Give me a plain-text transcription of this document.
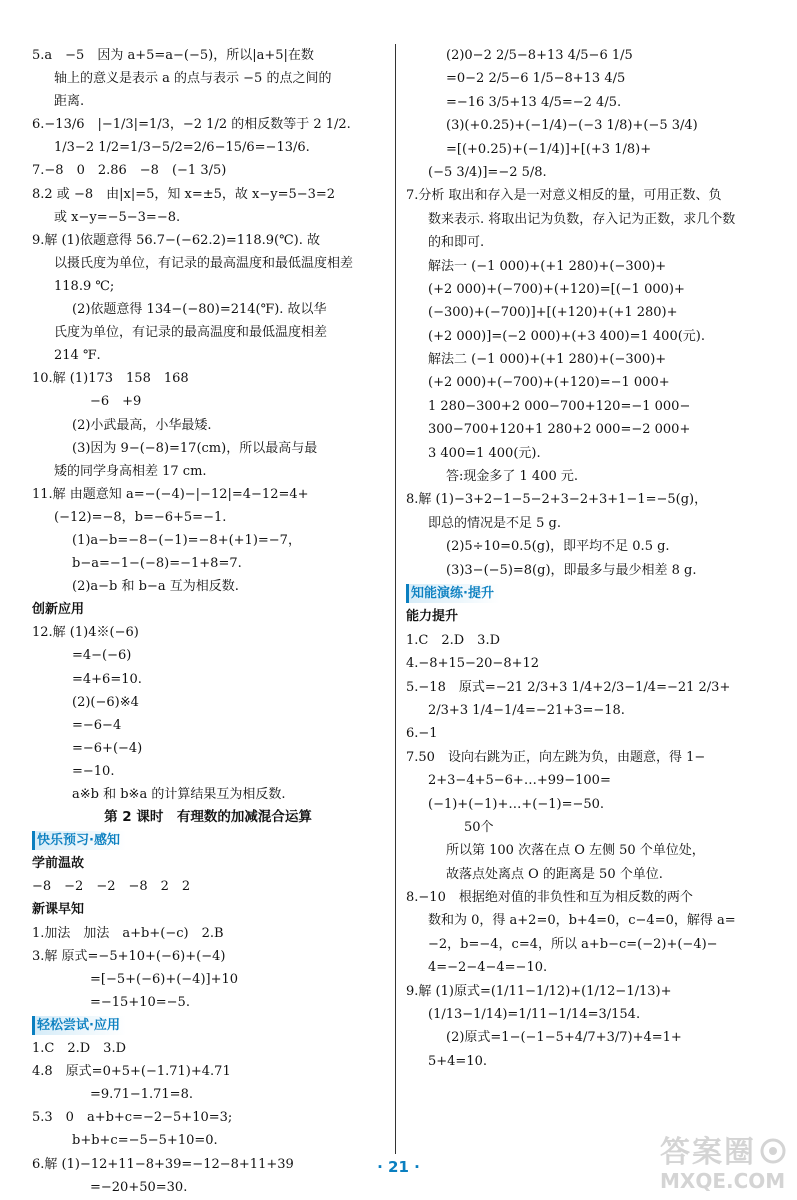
5.a　−5　因为 a+5=a−(−5)，所以|a+5|在数
轴上的意义是表示 a 的点与表示 −5 的点之间的
距离.
6.−13/6　|−1/3|=1/3，−2 1/2 的相反数等于 2 1/2.
1/3−2 1/2=1/3−5/2=2/6−15/6=−13/6.
7.−8　0　2.86　−8　(−1 3/5)
8.2 或 −8　由|x|=5，知 x=±5，故 x−y=5−3=2
或 x−y=−5−3=−8.
9.解 (1)依题意得 56.7−(−62.2)=118.9(℃). 故
以摄氏度为单位，有记录的最高温度和最低温度相差
118.9 ℃;
(2)依题意得 134−(−80)=214(℉). 故以华
氏度为单位，有记录的最高温度和最低温度相差
214 ℉.
10.解 (1)173　158　168
−6　+9
(2)小武最高，小华最矮.
(3)因为 9−(−8)=17(cm)，所以最高与最
矮的同学身高相差 17 cm.
11.解 由题意知 a=−(−4)−|−12|=4−12=4+
(−12)=−8，b=−6+5=−1.
(1)a−b=−8−(−1)=−8+(+1)=−7，
b−a=−1−(−8)=−1+8=7.
(2)a−b 和 b−a 互为相反数.
创新应用
12.解 (1)4※(−6)
=4−(−6)
=4+6=10.
(2)(−6)※4
=−6−4
=−6+(−4)
=−10.
a※b 和 b※a 的计算结果互为相反数.
第 2 课时　有理数的加减混合运算
快乐预习·感知
学前温故
−8　−2　−2　−8　2　2
新课早知
1.加法　加法　a+b+(−c)　2.B
3.解 原式=−5+10+(−6)+(−4)
=[−5+(−6)+(−4)]+10
=−15+10=−5.
轻松尝试·应用
1.C　2.D　3.D
4.8　原式=0+5+(−1.71)+4.71
=9.71−1.71=8.
5.3　0　a+b+c=−2−5+10=3;
b+b+c=−5−5+10=0.
6.解 (1)−12+11−8+39=−12−8+11+39
=−20+50=30.
(2)0−2 2/5−8+13 4/5−6 1/5
=0−2 2/5−6 1/5−8+13 4/5
=−16 3/5+13 4/5=−2 4/5.
(3)(+0.25)+(−1/4)−(−3 1/8)+(−5 3/4)
=[(+0.25)+(−1/4)]+[(+3 1/8)+
(−5 3/4)]=−2 5/8.
7.分析 取出和存入是一对意义相反的量，可用正数、负
数来表示. 将取出记为负数，存入记为正数，求几个数
的和即可.
解法一 (−1 000)+(+1 280)+(−300)+
(+2 000)+(−700)+(+120)=[(−1 000)+
(−300)+(−700)]+[(+120)+(+1 280)+
(+2 000)]=(−2 000)+(+3 400)=1 400(元).
解法二 (−1 000)+(+1 280)+(−300)+
(+2 000)+(−700)+(+120)=−1 000+
1 280−300+2 000−700+120=−1 000−
300−700+120+1 280+2 000=−2 000+
3 400=1 400(元).
答:现金多了 1 400 元.
8.解 (1)−3+2−1−5−2+3−2+3+1−1=−5(g)，
即总的情况是不足 5 g.
(2)5÷10=0.5(g)，即平均不足 0.5 g.
(3)3−(−5)=8(g)，即最多与最少相差 8 g.
知能演练·提升
能力提升
1.C　2.D　3.D
4.−8+15−20−8+12
5.−18　原式=−21 2/3+3 1/4+2/3−1/4=−21 2/3+
2/3+3 1/4−1/4=−21+3=−18.
6.−1
7.50　设向右跳为正，向左跳为负，由题意，得 1−
2+3−4+5−6+…+99−100=
(−1)+(−1)+…+(−1)=−50.
50个
所以第 100 次落在点 O 左侧 50 个单位处，
故落点处离点 O 的距离是 50 个单位.
8.−10　根据绝对值的非负性和互为相反数的两个
数和为 0，得 a+2=0，b+4=0，c−4=0，解得 a=
−2，b=−4，c=4，所以 a+b−c=(−2)+(−4)−
4=−2−4−4=−10.
9.解 (1)原式=(1/11−1/12)+(1/12−1/13)+
(1/13−1/14)=1/11−1/14=3/154.
(2)原式=1−(−1−5+4/7+3/7)+4=1+
5+4=10.
· 21 ·	答案圈
MXQE.COM
